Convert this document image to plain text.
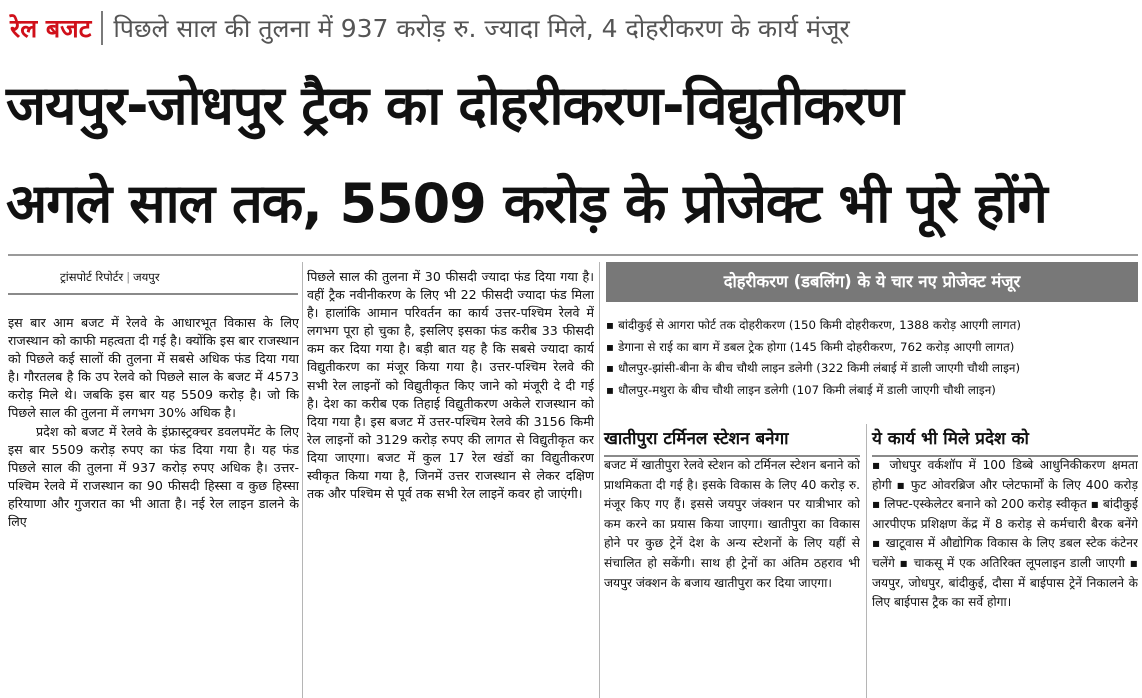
रेल बजट पिछले साल की तुलना में 937 करोड़ रु. ज्यादा मिले, 4 दोहरीकरण के कार्य मंजूर
जयपुर-जोधपुर ट्रैक का दोहरीकरण-विद्युतीकरण
अगले साल तक, 5509 करोड़ के प्रोजेक्ट भी पूरे होंगे
ट्रांसपोर्ट रिपोर्टर | जयपुर

इस बार आम बजट में रेलवे के आधारभूत विकास के लिए राजस्थान को काफी महत्वता दी गई है। क्योंकि इस बार राजस्थान को पिछले कई सालों की तुलना में सबसे अधिक फंड दिया गया है। गौरतलब है कि उप रेलवे को पिछले साल के बजट में 4573 करोड़ मिले थे। जबकि इस बार यह 5509 करोड़ है। जो कि पिछले साल की तुलना में लगभग 30% अधिक है।

प्रदेश को बजट में रेलवे के इंफ्रास्ट्रक्चर डवलपमेंट के लिए इस बार 5509 करोड़ रुपए का फंड दिया गया है। यह फंड पिछले साल की तुलना में 937 करोड़ रुपए अधिक है। उत्तर-पश्चिम रेलवे में राजस्थान का 90 फीसदी हिस्सा व कुछ हिस्सा हरियाणा और गुजरात का भी आता है। नई रेल लाइन डालने के लिए

पिछले साल की तुलना में 30 फीसदी ज्यादा फंड दिया गया है। वहीं ट्रैक नवीनीकरण के लिए भी 22 फीसदी ज्यादा फंड मिला है। हालांकि आमान परिवर्तन का कार्य उत्तर-पश्चिम रेलवे में लगभग पूरा हो चुका है, इसलिए इसका फंड करीब 33 फीसदी कम कर दिया गया है। बड़ी बात यह है कि सबसे ज्यादा कार्य विद्युतीकरण का मंजूर किया गया है। उत्तर-पश्चिम रेलवे की सभी रेल लाइनों को विद्युतीकृत किए जाने को मंजूरी दे दी गई है। देश का करीब एक तिहाई विद्युतीकरण अकेले राजस्थान को दिया गया है। इस बजट में उत्तर-पश्चिम रेलवे की 3156 किमी रेल लाइनों को 3129 करोड़ रुपए की लागत से विद्युतीकृत कर दिया जाएगा। बजट में कुल 17 रेल खंडों का विद्युतीकरण स्वीकृत किया गया है, जिनमें उत्तर राजस्थान से लेकर दक्षिण तक और पश्चिम से पूर्व तक सभी रेल लाइनें कवर हो जाएंगी।

दोहरीकरण (डबलिंग) के ये चार नए प्रोजेक्ट मंजूर
▪ बांदीकुई से आगरा फोर्ट तक दोहरीकरण (150 किमी दोहरीकरण, 1388 करोड़ आएगी लागत)
▪ डेगाना से राई का बाग में डबल ट्रेक होगा (145 किमी दोहरीकरण, 762 करोड़ आएगी लागत)
▪ धौलपुर-झांसी-बीना के बीच चौथी लाइन डलेगी (322 किमी लंबाई में डाली जाएगी चौथी लाइन)
▪ धौलपुर-मथुरा के बीच चौथी लाइन डलेगी (107 किमी लंबाई में डाली जाएगी चौथी लाइन)
खातीपुरा टर्मिनल स्टेशन बनेगा	ये कार्य भी मिले प्रदेश को

बजट में खातीपुरा रेलवे स्टेशन को टर्मिनल स्टेशन बनाने को प्राथमिकता दी गई है। इसके विकास के लिए 40 करोड़ रु. मंजूर किए गए हैं। इससे जयपुर जंक्शन पर यात्रीभार को कम करने का प्रयास किया जाएगा। खातीपुरा का विकास होने पर कुछ ट्रेनें देश के अन्य स्टेशनों के लिए यहीं से संचालित हो सकेंगी। साथ ही ट्रेनों का अंतिम ठहराव भी जयपुर जंक्शन के बजाय खातीपुरा कर दिया जाएगा।

▪ जोधपुर वर्कशॉप में 100 डिब्बे आधुनिकीकरण क्षमता होगी ▪ फुट ओवरब्रिज और प्लेटफार्मों के लिए 400 करोड़ ▪ लिफ्ट-एस्केलेटर बनाने को 200 करोड़ स्वीकृत ▪ बांदीकुई आरपीएफ प्रशिक्षण केंद्र में 8 करोड़ से कर्मचारी बैरक बनेंगे ▪ खाटूवास में औद्योगिक विकास के लिए डबल स्टेक कंटेनर चलेंगे ▪ चाकसू में एक अतिरिक्त लूपलाइन डाली जाएगी ▪ जयपुर, जोधपुर, बांदीकुई, दौसा में बाईपास ट्रेनें निकालने के लिए बाईपास ट्रैक का सर्वे होगा।
